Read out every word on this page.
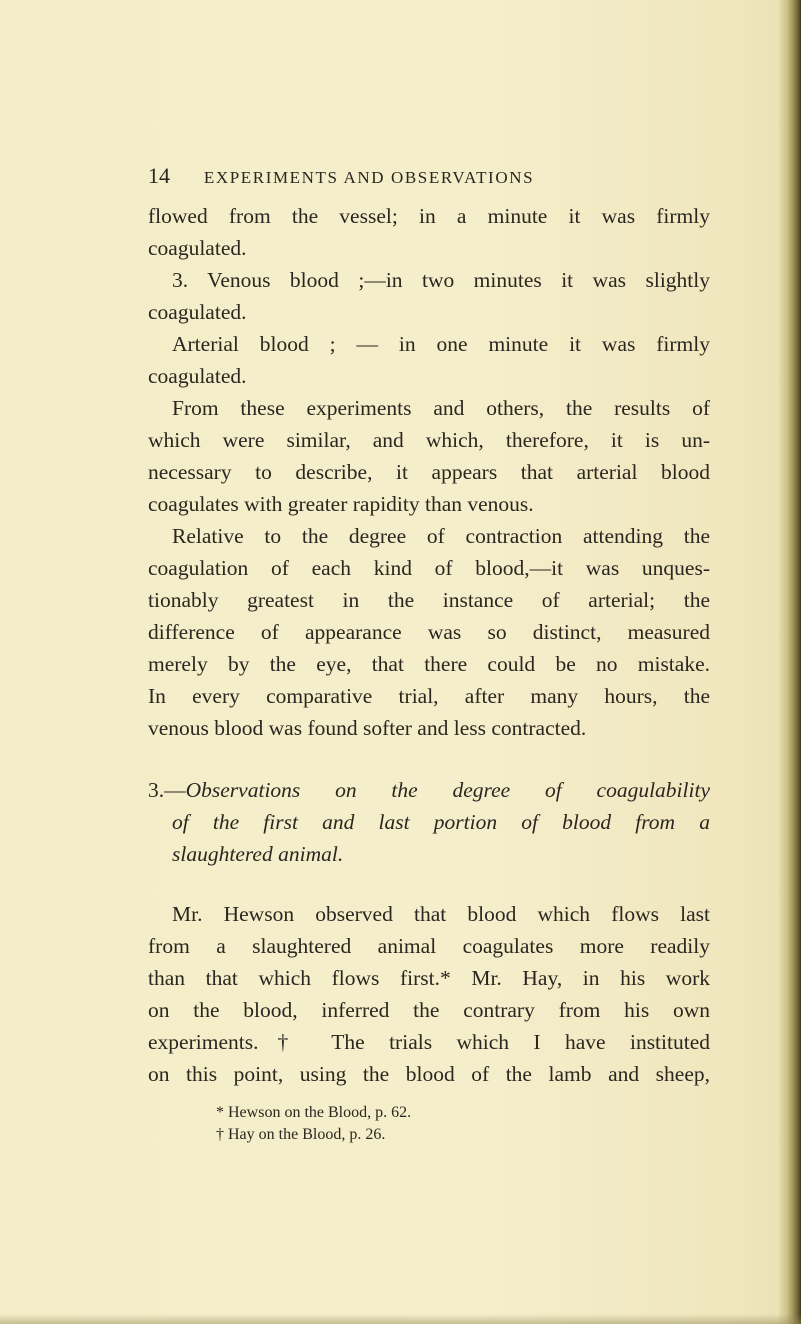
14 EXPERIMENTS AND OBSERVATIONS
flowed from the vessel; in a minute it was firmly
coagulated.
3. Venous blood ;—in two minutes it was slightly
coagulated.
Arterial blood ; — in one minute it was firmly
coagulated.
From these experiments and others, the results of
which were similar, and which, therefore, it is un-
necessary to describe, it appears that arterial blood
coagulates with greater rapidity than venous.
Relative to the degree of contraction attending the
coagulation of each kind of blood,—it was unques-
tionably greatest in the instance of arterial; the
difference of appearance was so distinct, measured
merely by the eye, that there could be no mistake.
In every comparative trial, after many hours, the
venous blood was found softer and less contracted.
3.—Observations on the degree of coagulability
of the first and last portion of blood from a
slaughtered animal.
Mr. Hewson observed that blood which flows last
from a slaughtered animal coagulates more readily
than that which flows first.* Mr. Hay, in his work
on the blood, inferred the contrary from his own
experiments.† The trials which I have instituted
on this point, using the blood of the lamb and sheep,
* Hewson on the Blood, p. 62.
† Hay on the Blood, p. 26.
